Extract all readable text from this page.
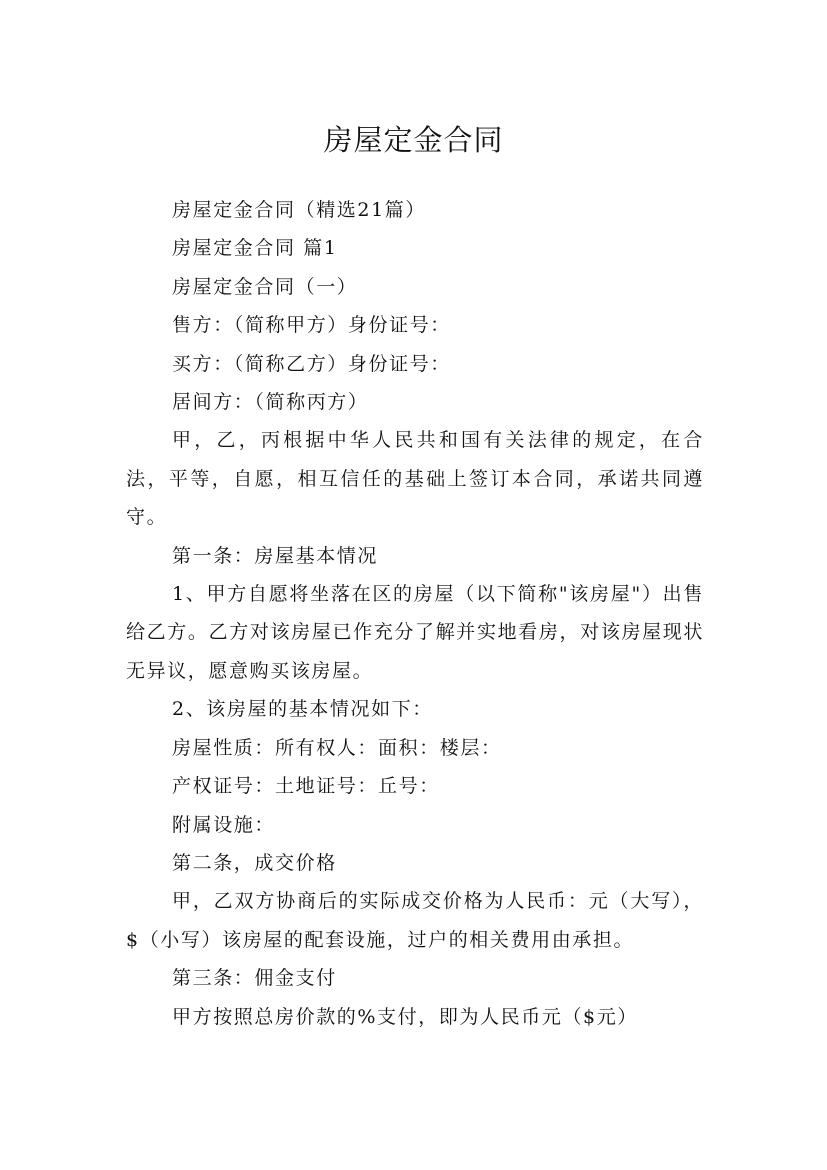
房屋定金合同

房屋定金合同（精选21篇）

房屋定金合同 篇1

房屋定金合同（一）

售方：（简称甲方）身份证号：

买方：（简称乙方）身份证号：

居间方：（简称丙方）

甲，乙，丙根据中华人民共和国有关法律的规定，在合法，平等，自愿，相互信任的基础上签订本合同，承诺共同遵守。

第一条：房屋基本情况

1、甲方自愿将坐落在区的房屋（以下简称"该房屋"）出售给乙方。乙方对该房屋已作充分了解并实地看房，对该房屋现状无异议，愿意购买该房屋。

2、该房屋的基本情况如下：

房屋性质：所有权人：面积：楼层：

产权证号：土地证号：丘号：

附属设施：

第二条，成交价格

甲，乙双方协商后的实际成交价格为人民币：元（大写），$（小写）该房屋的配套设施，过户的相关费用由承担。

第三条：佣金支付

甲方按照总房价款的%支付，即为人民币元（$元）
